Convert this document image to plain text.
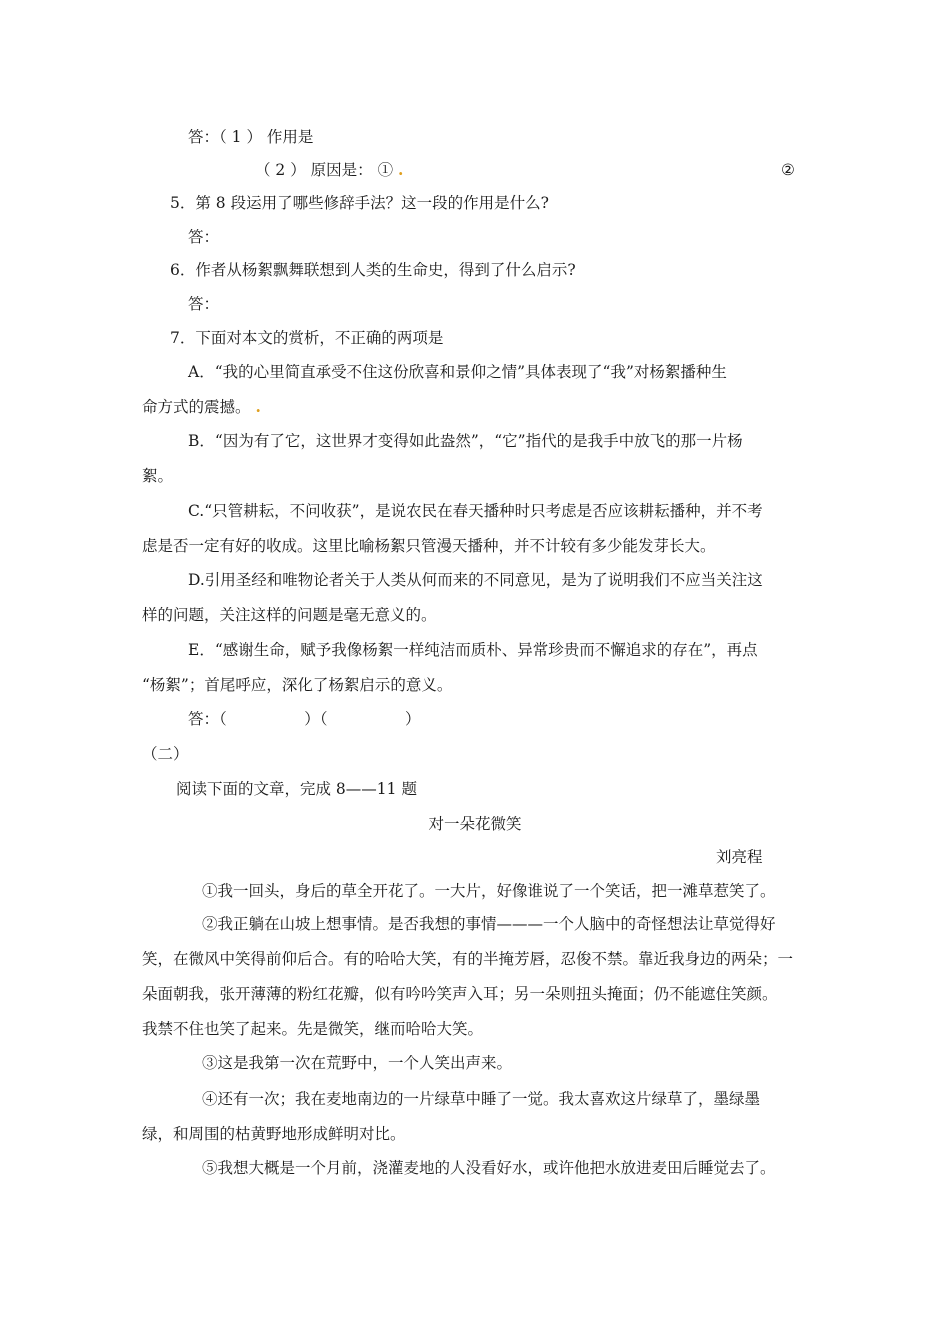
答：（ 1 ） 作用是
（ 2 ） 原因是： ① .	②
5．第 8 段运用了哪些修辞手法？这一段的作用是什么?
答：
6．作者从杨絮飘舞联想到人类的生命史，得到了什么启示?
答：
7．下面对本文的赏析，不正确的两项是
A．“我的心里简直承受不住这份欣喜和景仰之情”具体表现了“我”对杨絮播种生
命方式的震撼。 .
B．“因为有了它，这世界才变得如此盎然”，“它”指代的是我手中放飞的那一片杨
絮。
C.“只管耕耘，不问收获”，是说农民在春天播种时只考虑是否应该耕耘播种，并不考
虑是否一定有好的收成。这里比喻杨絮只管漫天播种，并不计较有多少能发芽长大。
D.引用圣经和唯物论者关于人类从何而来的不同意见，是为了说明我们不应当关注这
样的问题，关注这样的问题是毫无意义的。
E．“感谢生命，赋予我像杨絮一样纯洁而质朴、异常珍贵而不懈追求的存在”，再点
“杨絮”；首尾呼应，深化了杨絮启示的意义。
答：（　　　　　）（　　　　　）
（二）
阅读下面的文章，完成 8——11 题
对一朵花微笑
刘亮程
①我一回头，身后的草全开花了。一大片，好像谁说了一个笑话，把一滩草惹笑了。
②我正躺在山坡上想事情。是否我想的事情———一个人脑中的奇怪想法让草觉得好
笑，在微风中笑得前仰后合。有的哈哈大笑，有的半掩芳唇，忍俊不禁。靠近我身边的两朵；一
朵面朝我，张开薄薄的粉红花瓣，似有吟吟笑声入耳；另一朵则扭头掩面；仍不能遮住笑颜。
我禁不住也笑了起来。先是微笑，继而哈哈大笑。
③这是我第一次在荒野中，一个人笑出声来。
④还有一次；我在麦地南边的一片绿草中睡了一觉。我太喜欢这片绿草了，墨绿墨
绿，和周围的枯黄野地形成鲜明对比。
⑤我想大概是一个月前，浇灌麦地的人没看好水，或许他把水放进麦田后睡觉去了。
